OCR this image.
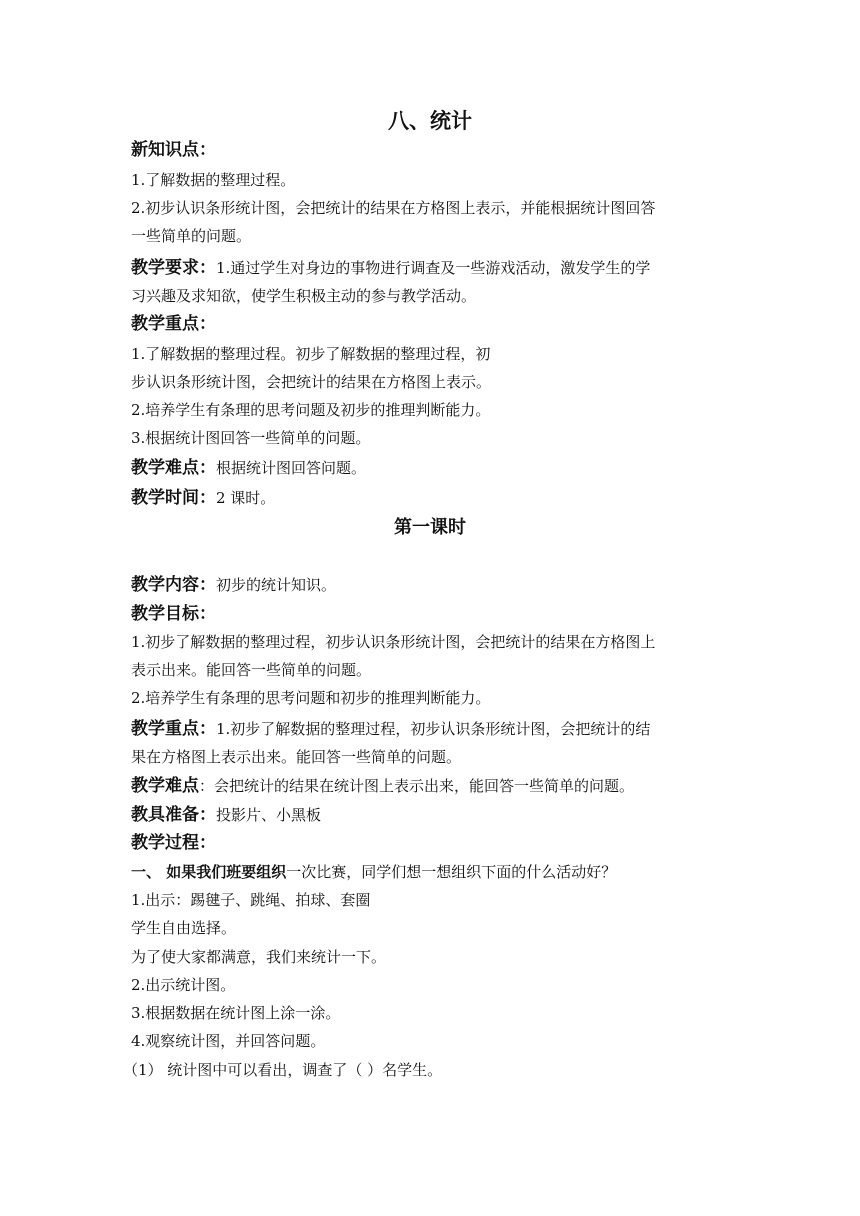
八、统计
新知识点：
1.了解数据的整理过程。
2.初步认识条形统计图，会把统计的结果在方格图上表示，并能根据统计图回答
一些简单的问题。
教学要求：1.通过学生对身边的事物进行调查及一些游戏活动，激发学生的学
习兴趣及求知欲，使学生积极主动的参与教学活动。
教学重点：
1.了解数据的整理过程。初步了解数据的整理过程，初
步认识条形统计图，会把统计的结果在方格图上表示。
2.培养学生有条理的思考问题及初步的推理判断能力。
3.根据统计图回答一些简单的问题。
教学难点：根据统计图回答问题。
教学时间：2 课时。
第一课时
教学内容：初步的统计知识。
教学目标：
1.初步了解数据的整理过程，初步认识条形统计图，会把统计的结果在方格图上
表示出来。能回答一些简单的问题。
2.培养学生有条理的思考问题和初步的推理判断能力。
教学重点：1.初步了解数据的整理过程，初步认识条形统计图，会把统计的结
果在方格图上表示出来。能回答一些简单的问题。
教学难点：会把统计的结果在统计图上表示出来，能回答一些简单的问题。
教具准备：投影片、小黑板
教学过程：
一、 如果我们班要组织一次比赛，同学们想一想组织下面的什么活动好？
1.出示：踢毽子、跳绳、拍球、套圈
学生自由选择。
为了使大家都满意，我们来统计一下。
2.出示统计图。
3.根据数据在统计图上涂一涂。
4.观察统计图，并回答问题。
（1） 统计图中可以看出，调查了（ ）名学生。
